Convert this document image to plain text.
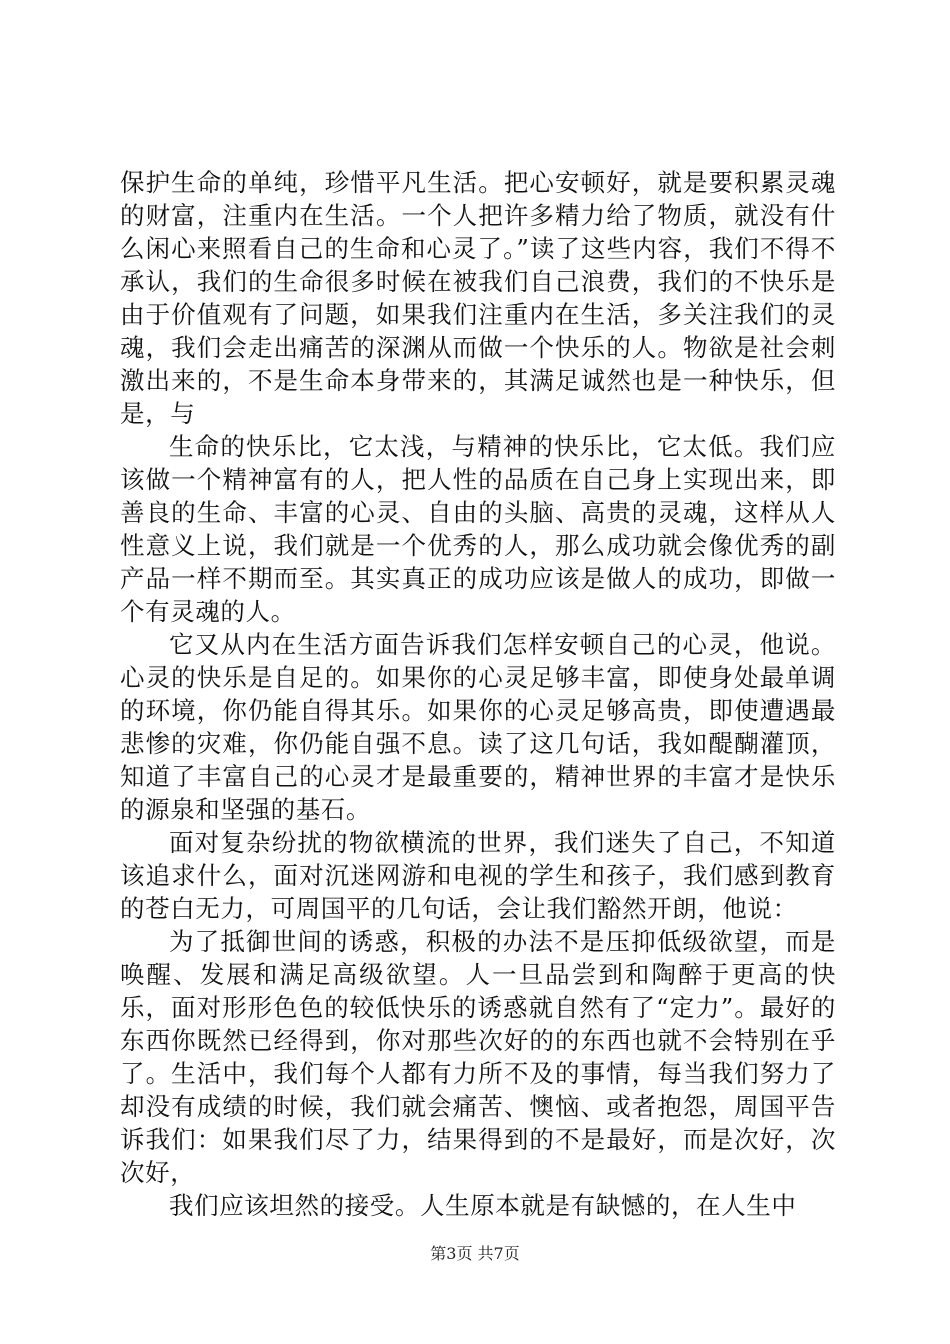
保护生命的单纯，珍惜平凡生活。把心安顿好，就是要积累灵魂的财富，注重内在生活。一个人把许多精力给了物质，就没有什么闲心来照看自己的生命和心灵了。”读了这些内容，我们不得不承认，我们的生命很多时候在被我们自己浪费，我们的不快乐是由于价值观有了问题，如果我们注重内在生活，多关注我们的灵魂，我们会走出痛苦的深渊从而做一个快乐的人。物欲是社会刺激出来的，不是生命本身带来的，其满足诚然也是一种快乐，但是，与

生命的快乐比，它太浅，与精神的快乐比，它太低。我们应该做一个精神富有的人，把人性的品质在自己身上实现出来，即善良的生命、丰富的心灵、自由的头脑、高贵的灵魂，这样从人性意义上说，我们就是一个优秀的人，那么成功就会像优秀的副产品一样不期而至。其实真正的成功应该是做人的成功，即做一个有灵魂的人。

它又从内在生活方面告诉我们怎样安顿自己的心灵，他说。心灵的快乐是自足的。如果你的心灵足够丰富，即使身处最单调的环境，你仍能自得其乐。如果你的心灵足够高贵，即使遭遇最悲惨的灾难，你仍能自强不息。读了这几句话，我如醍醐灌顶，知道了丰富自己的心灵才是最重要的，精神世界的丰富才是快乐的源泉和坚强的基石。

面对复杂纷扰的物欲横流的世界，我们迷失了自己，不知道该追求什么，面对沉迷网游和电视的学生和孩子，我们感到教育的苍白无力，可周国平的几句话，会让我们豁然开朗，他说：

为了抵御世间的诱惑，积极的办法不是压抑低级欲望，而是唤醒、发展和满足高级欲望。人一旦品尝到和陶醉于更高的快乐，面对形形色色的较低快乐的诱惑就自然有了“定力”。最好的东西你既然已经得到，你对那些次好的的东西也就不会特别在乎了。生活中，我们每个人都有力所不及的事情，每当我们努力了却没有成绩的时候，我们就会痛苦、懊恼、或者抱怨，周国平告诉我们：如果我们尽了力，结果得到的不是最好，而是次好，次次好，

我们应该坦然的接受。人生原本就是有缺憾的，在人生中

第3页 共7页
